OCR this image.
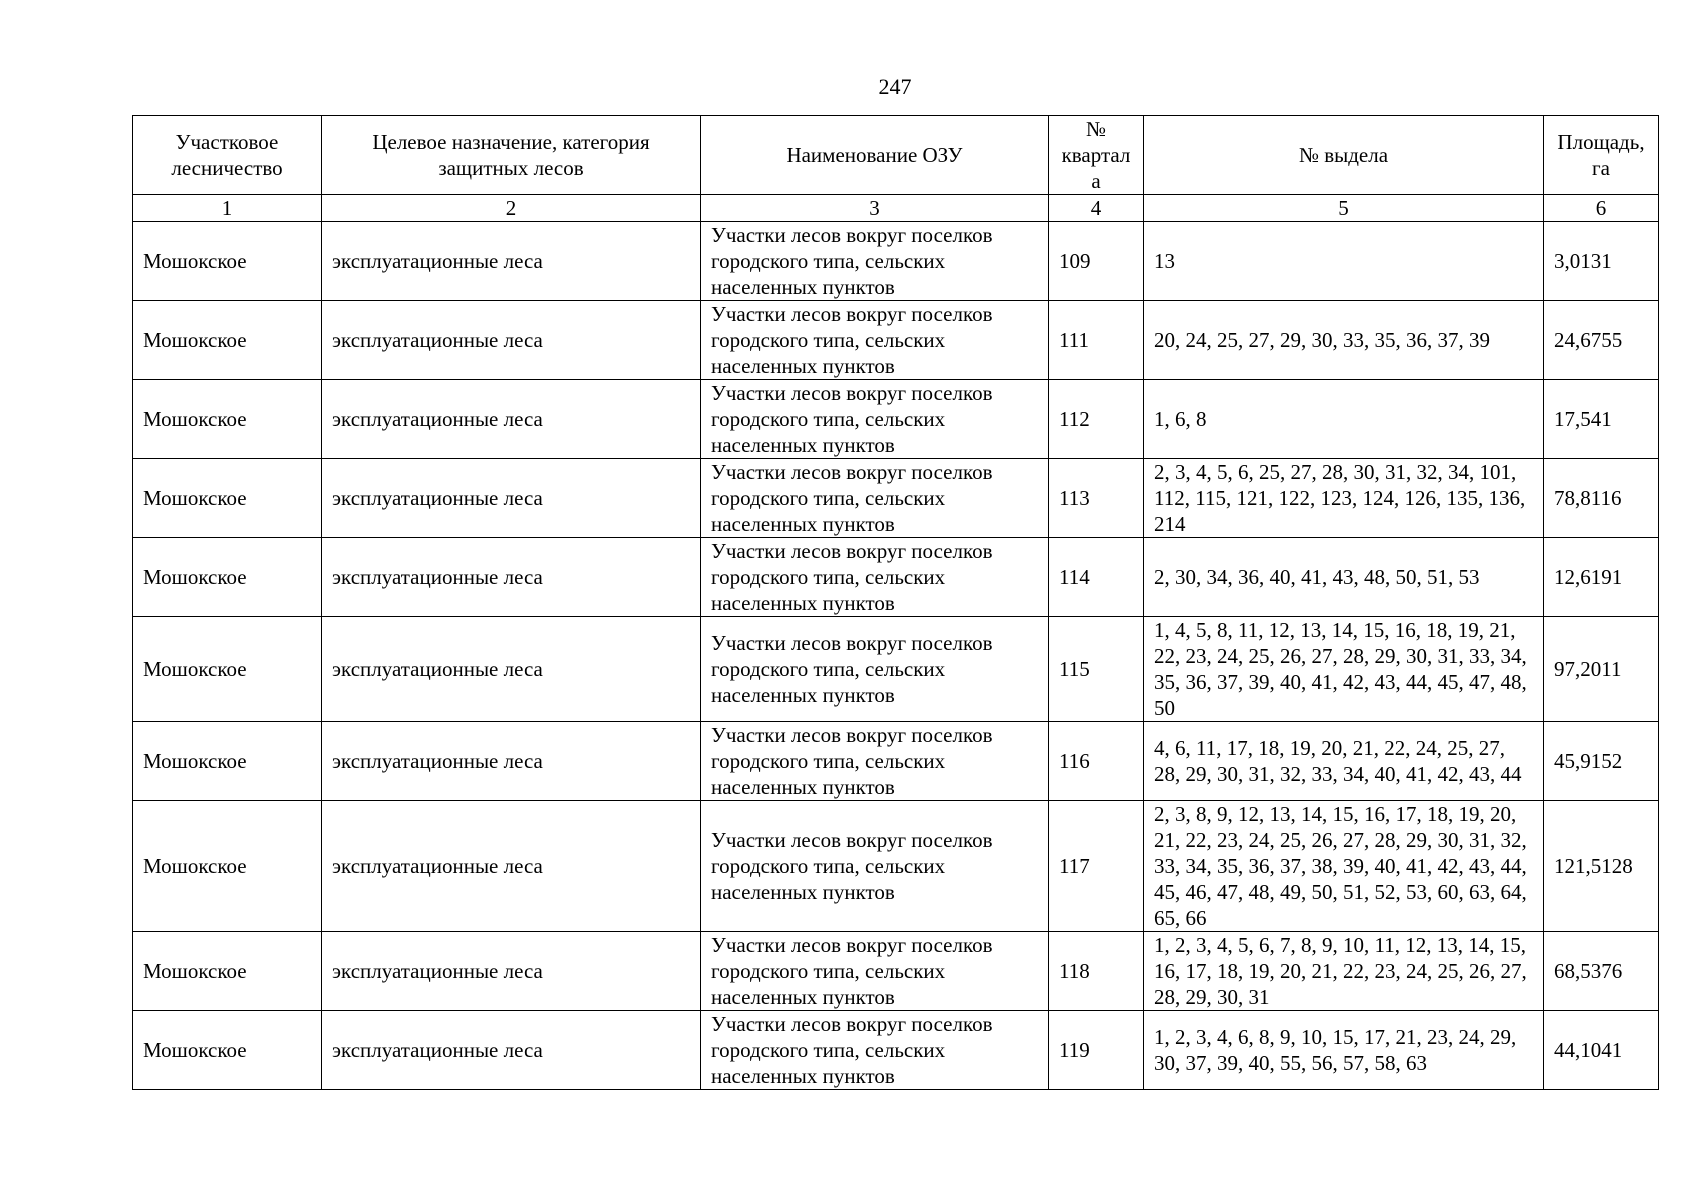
247
Участковое лесничество	Целевое назначение, категория защитных лесов	Наименование ОЗУ	№ квартал а	№ выдела	Площадь, га
1	2	3	4	5	6
Мошокское	эксплуатационные леса	Участки лесов вокруг поселков городского типа, сельских населенных пунктов	109	13	3,0131
Мошокское	эксплуатационные леса	Участки лесов вокруг поселков городского типа, сельских населенных пунктов	111	20, 24, 25, 27, 29, 30, 33, 35, 36, 37, 39	24,6755
Мошокское	эксплуатационные леса	Участки лесов вокруг поселков городского типа, сельских населенных пунктов	112	1, 6, 8	17,541
Мошокское	эксплуатационные леса	Участки лесов вокруг поселков городского типа, сельских населенных пунктов	113	2, 3, 4, 5, 6, 25, 27, 28, 30, 31, 32, 34, 101, 112, 115, 121, 122, 123, 124, 126, 135, 136, 214	78,8116
Мошокское	эксплуатационные леса	Участки лесов вокруг поселков городского типа, сельских населенных пунктов	114	2, 30, 34, 36, 40, 41, 43, 48, 50, 51, 53	12,6191
Мошокское	эксплуатационные леса	Участки лесов вокруг поселков городского типа, сельских населенных пунктов	115	1, 4, 5, 8, 11, 12, 13, 14, 15, 16, 18, 19, 21, 22, 23, 24, 25, 26, 27, 28, 29, 30, 31, 33, 34, 35, 36, 37, 39, 40, 41, 42, 43, 44, 45, 47, 48, 50	97,2011
Мошокское	эксплуатационные леса	Участки лесов вокруг поселков городского типа, сельских населенных пунктов	116	4, 6, 11, 17, 18, 19, 20, 21, 22, 24, 25, 27, 28, 29, 30, 31, 32, 33, 34, 40, 41, 42, 43, 44	45,9152
Мошокское	эксплуатационные леса	Участки лесов вокруг поселков городского типа, сельских населенных пунктов	117	2, 3, 8, 9, 12, 13, 14, 15, 16, 17, 18, 19, 20, 21, 22, 23, 24, 25, 26, 27, 28, 29, 30, 31, 32, 33, 34, 35, 36, 37, 38, 39, 40, 41, 42, 43, 44, 45, 46, 47, 48, 49, 50, 51, 52, 53, 60, 63, 64, 65, 66	121,5128
Мошокское	эксплуатационные леса	Участки лесов вокруг поселков городского типа, сельских населенных пунктов	118	1, 2, 3, 4, 5, 6, 7, 8, 9, 10, 11, 12, 13, 14, 15, 16, 17, 18, 19, 20, 21, 22, 23, 24, 25, 26, 27, 28, 29, 30, 31	68,5376
Мошокское	эксплуатационные леса	Участки лесов вокруг поселков городского типа, сельских населенных пунктов	119	1, 2, 3, 4, 6, 8, 9, 10, 15, 17, 21, 23, 24, 29, 30, 37, 39, 40, 55, 56, 57, 58, 63	44,1041
